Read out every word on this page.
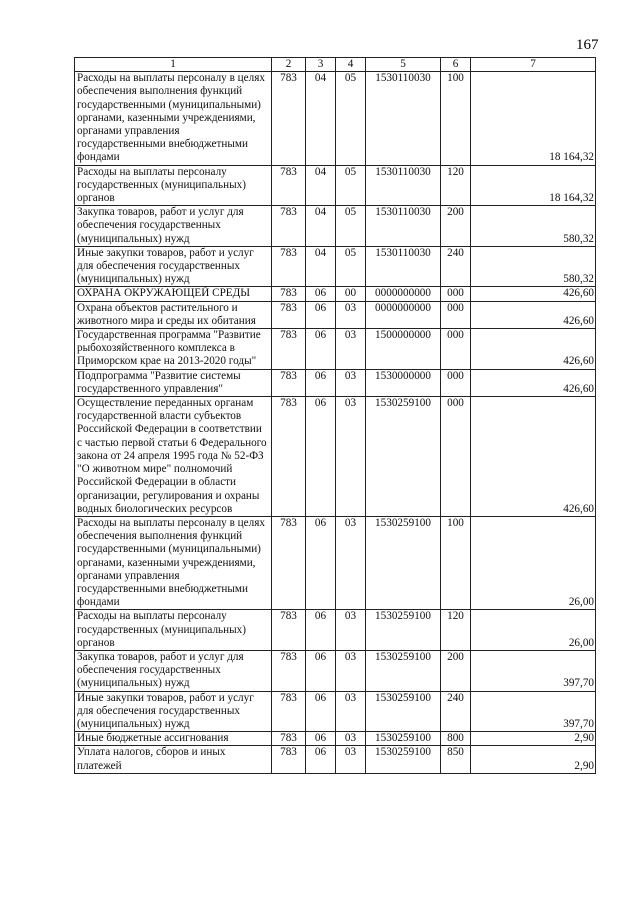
167
1	2	3	4	5	6	7
Расходы на выплаты персоналу в целях обеспечения выполнения функций государственными (муниципальными) органами, казенными учреждениями, органами управления государственными внебюджетными фондами	783	04	05	1530110030	100	18 164,32
Расходы на выплаты персоналу государственных (муниципальных) органов	783	04	05	1530110030	120	18 164,32
Закупка товаров, работ и услуг для обеспечения государственных (муниципальных) нужд	783	04	05	1530110030	200	580,32
Иные закупки товаров, работ и услуг для обеспечения государственных (муниципальных) нужд	783	04	05	1530110030	240	580,32
ОХРАНА ОКРУЖАЮЩЕЙ СРЕДЫ	783	06	00	0000000000	000	426,60
Охрана объектов растительного и животного мира и среды их обитания	783	06	03	0000000000	000	426,60
Государственная программа "Развитие рыбохозяйственного комплекса в Приморском крае на 2013-2020 годы"	783	06	03	1500000000	000	426,60
Подпрограмма "Развитие системы государственного управления"	783	06	03	1530000000	000	426,60
Осуществление переданных органам государственной власти субъектов Российской Федерации в соответствии с частью первой статьи 6 Федерального закона от 24 апреля 1995 года № 52-ФЗ "О животном мире" полномочий Российской Федерации в области организации, регулирования и охраны водных биологических ресурсов	783	06	03	1530259100	000	426,60
Расходы на выплаты персоналу в целях обеспечения выполнения функций государственными (муниципальными) органами, казенными учреждениями, органами управления государственными внебюджетными фондами	783	06	03	1530259100	100	26,00
Расходы на выплаты персоналу государственных (муниципальных) органов	783	06	03	1530259100	120	26,00
Закупка товаров, работ и услуг для обеспечения государственных (муниципальных) нужд	783	06	03	1530259100	200	397,70
Иные закупки товаров, работ и услуг для обеспечения государственных (муниципальных) нужд	783	06	03	1530259100	240	397,70
Иные бюджетные ассигнования	783	06	03	1530259100	800	2,90
Уплата налогов, сборов и иных платежей	783	06	03	1530259100	850	2,90
